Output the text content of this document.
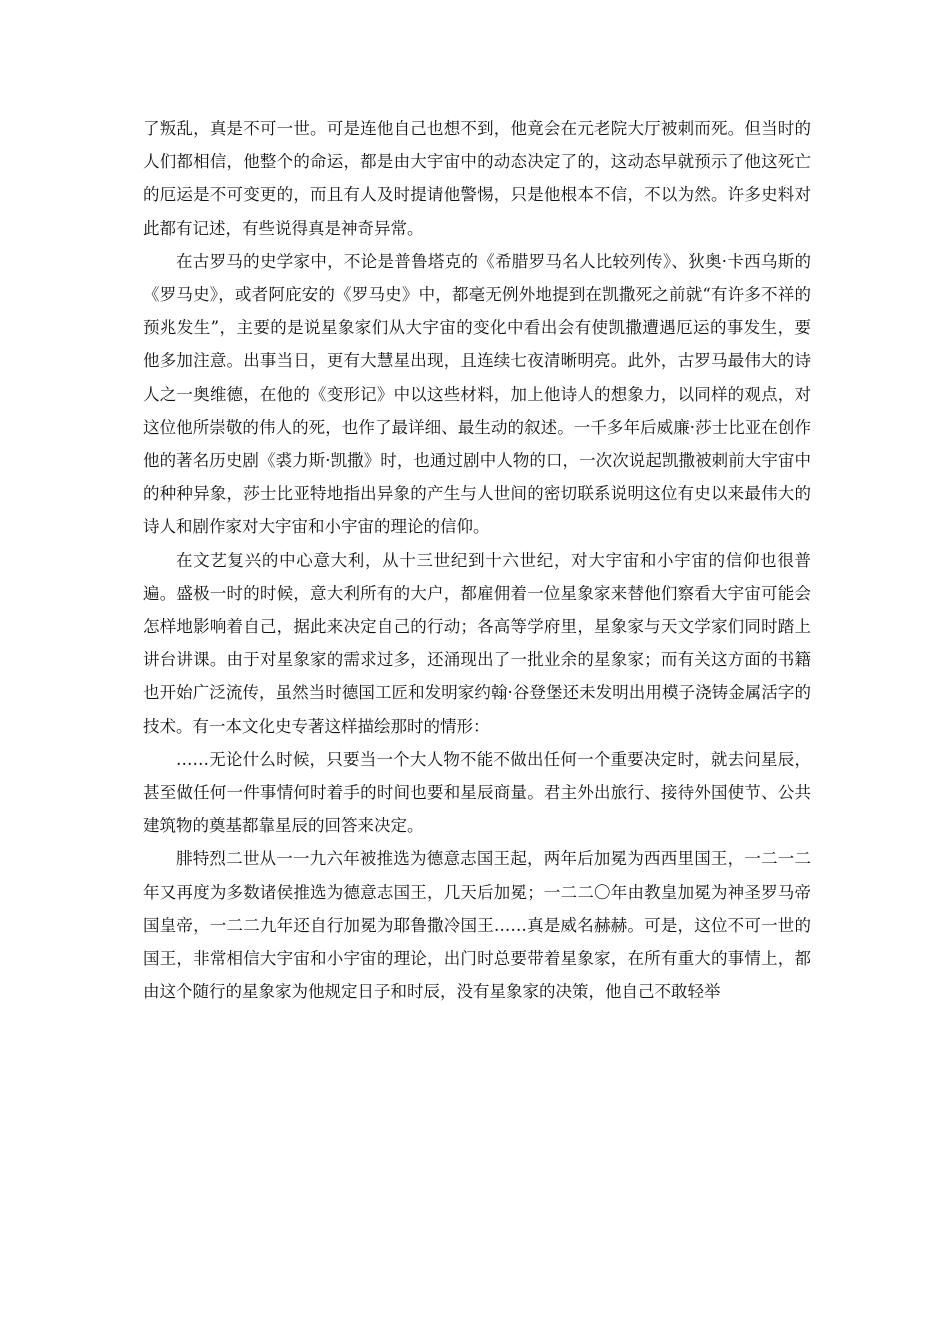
了叛乱，真是不可一世。可是连他自己也想不到，他竟会在元老院大厅被刺而死。但当时的人们都相信，他整个的命运，都是由大宇宙中的动态决定了的，这动态早就预示了他这死亡的厄运是不可变更的，而且有人及时提请他警惕，只是他根本不信，不以为然。许多史料对此都有记述，有些说得真是神奇异常。

在古罗马的史学家中，不论是普鲁塔克的《希腊罗马名人比较列传》、狄奥·卡西乌斯的《罗马史》，或者阿庇安的《罗马史》中，都毫无例外地提到在凯撒死之前就“有许多不祥的预兆发生”，主要的是说星象家们从大宇宙的变化中看出会有使凯撒遭遇厄运的事发生，要他多加注意。出事当日，更有大慧星出现，且连续七夜清晰明亮。此外，古罗马最伟大的诗人之一奥维德，在他的《变形记》中以这些材料，加上他诗人的想象力，以同样的观点，对这位他所崇敬的伟人的死，也作了最详细、最生动的叙述。一千多年后威廉·莎士比亚在创作他的著名历史剧《裘力斯·凯撒》时，也通过剧中人物的口，一次次说起凯撒被刺前大宇宙中的种种异象，莎士比亚特地指出异象的产生与人世间的密切联系说明这位有史以来最伟大的诗人和剧作家对大宇宙和小宇宙的理论的信仰。

在文艺复兴的中心意大利，从十三世纪到十六世纪，对大宇宙和小宇宙的信仰也很普遍。盛极一时的时候，意大利所有的大户，都雇佣着一位星象家来替他们察看大宇宙可能会怎样地影响着自己，据此来决定自己的行动；各高等学府里，星象家与天文学家们同时踏上讲台讲课。由于对星象家的需求过多，还涌现出了一批业余的星象家；而有关这方面的书籍也开始广泛流传，虽然当时德国工匠和发明家约翰·谷登堡还未发明出用模子浇铸金属活字的技术。有一本文化史专著这样描绘那时的情形：

……无论什么时候，只要当一个大人物不能不做出任何一个重要决定时，就去问星辰，甚至做任何一件事情何时着手的时间也要和星辰商量。君主外出旅行、接待外国使节、公共建筑物的奠基都靠星辰的回答来决定。

腓特烈二世从一一九六年被推选为德意志国王起，两年后加冕为西西里国王，一二一二年又再度为多数诸侯推选为德意志国王，几天后加冕；一二二〇年由教皇加冕为神圣罗马帝国皇帝，一二二九年还自行加冕为耶鲁撒冷国王……真是威名赫赫。可是，这位不可一世的国王，非常相信大宇宙和小宇宙的理论，出门时总要带着星象家，在所有重大的事情上，都由这个随行的星象家为他规定日子和时辰，没有星象家的决策，他自己不敢轻举
